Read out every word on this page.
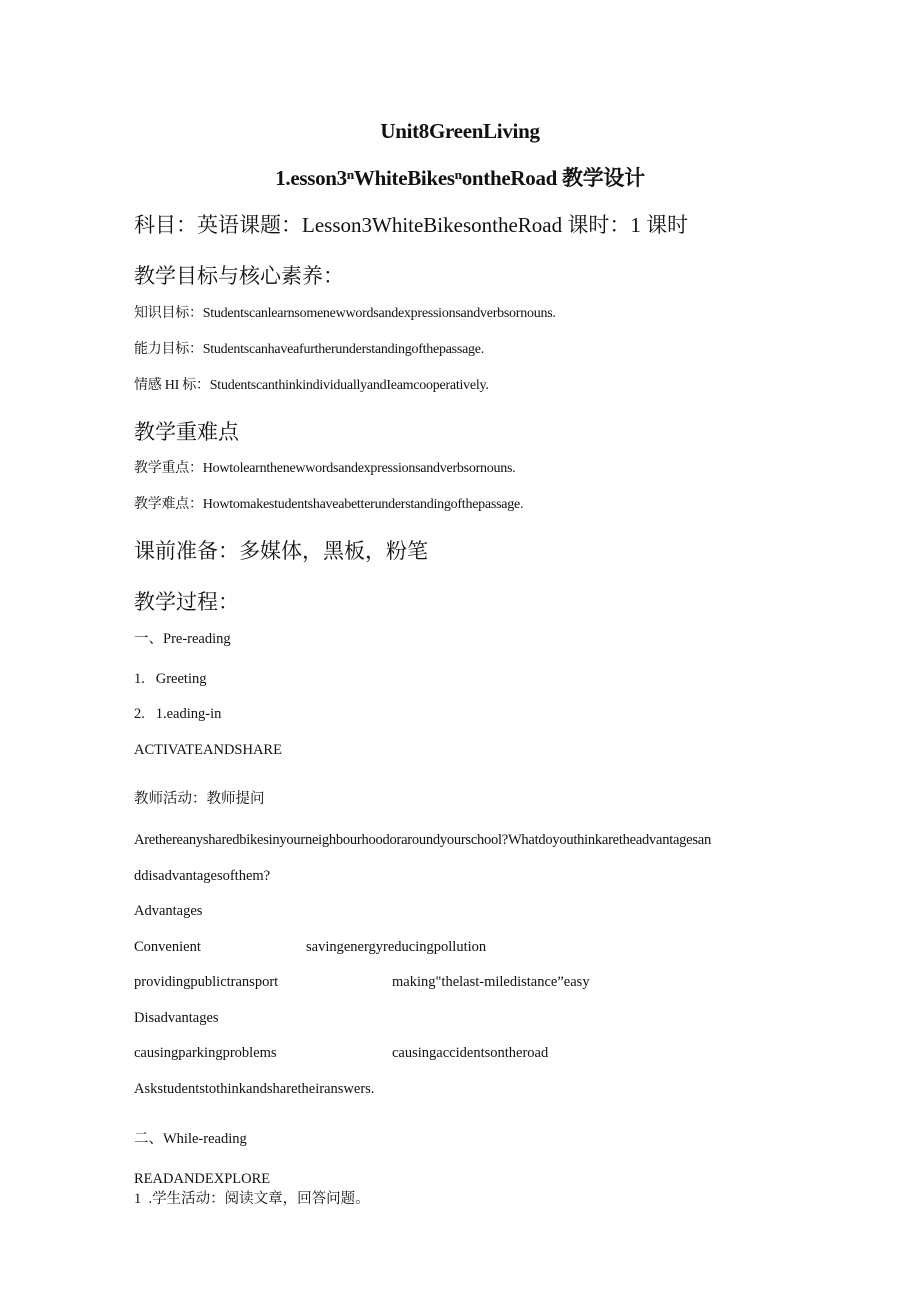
Unit8GreenLiving
1.esson3ⁿWhiteBikesⁿontheRoad 教学设计
科目：英语课题：Lesson3WhiteBikesontheRoad 课时：1 课时
教学目标与核心素养：
知识目标：Studentscanlearnsomenewwordsandexpressionsandverbsornouns.
能力目标：Studentscanhaveafurtherunderstandingofthepassage.
情感 HI 标：StudentscanthinkindividuallyandIeamcooperatively.
教学重难点
教学重点：Howtolearnthenewwordsandexpressionsandverbsornouns.
教学难点：Howtomakestudentshaveabetterunderstandingofthepassage.
课前准备：多媒体，黑板，粉笔
教学过程：
一、Pre-reading
1.   Greeting
2.   1.eading-in
ACTIVATEANDSHARE
教师活动：教师提问
Arethereanysharedbikesinyourneighbourhoodoraroundyourschool?Whatdoyouthinkaretheadvantagesan
ddisadvantagesofthem?
Advantages
Convenient	savingenergyreducingpollution
providingpublictransport	making"thelast-miledistance”easy
Disadvantages
causingparkingproblems	causingaccidentsontheroad
Askstudentstothinkandsharetheiranswers.
二、While-reading
READANDEXPLORE
1  .学生活动：阅读文章，回答问题。
